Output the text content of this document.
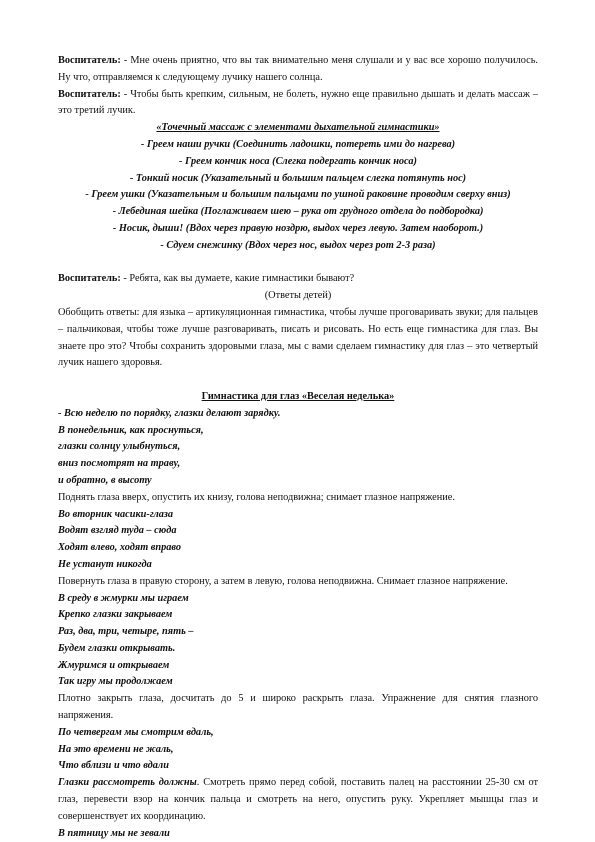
Воспитатель: - Мне очень приятно, что вы так внимательно меня слушали и у вас все хорошо получилось. Ну что, отправляемся к следующему лучику нашего солнца.

Воспитатель: - Чтобы быть крепким, сильным, не болеть, нужно еще правильно дышать и делать массаж – это третий лучик.

«Точечный массаж с элементами дыхательной гимнастики»

- Греем наши ручки (Соединить ладошки, потереть ими до нагрева)

- Греем кончик носа (Слегка подергать кончик носа)

- Тонкий носик (Указательный и большим пальцем слегка потянуть нос)

- Греем ушки (Указательным и большим пальцами по ушной раковине проводим сверху вниз)

- Лебединая шейка (Поглаживаем шею – рука от грудного отдела до подбородка)

- Носик, дыши! (Вдох через правую ноздрю, выдох через левую. Затем наоборот.)

- Сдуем снежинку (Вдох через нос, выдох через рот 2-3 раза)

Воспитатель: - Ребята, как вы думаете, какие гимнастики бывают?

(Ответы детей)

Обобщить ответы: для языка – артикуляционная гимнастика, чтобы лучше проговаривать звуки; для пальцев – пальчиковая, чтобы тоже лучше разговаривать, писать и рисовать. Но есть еще гимнастика для глаз. Вы знаете про это? Чтобы сохранить здоровыми глаза, мы с вами сделаем гимнастику для глаз – это четвертый лучик нашего здоровья.

Гимнастика для глаз «Веселая неделька»

- Всю неделю по порядку, глазки делают зарядку.

В понедельник, как проснуться,

глазки солнцу улыбнуться,

вниз посмотрят на траву,

и обратно, в высоту

Поднять глаза вверх, опустить их книзу, голова неподвижна; снимает глазное напряжение.

Во вторник часики-глаза

Водят взгляд туда – сюда

Ходят влево, ходят вправо

Не устанут никогда

Повернуть глаза в правую сторону, а затем в левую, голова неподвижна. Снимает глазное напряжение.

В среду в жмурки мы играем

Крепко глазки закрываем

Раз, два, три, четыре, пять –

Будем глазки открывать.

Жмуримся и открываем

Так игру мы продолжаем

Плотно закрыть глаза, досчитать до 5 и широко раскрыть глаза. Упражнение для снятия глазного напряжения.

По четвергам мы смотрим вдаль,

На это времени не жаль,

Что вблизи и что вдали

Глазки рассмотреть должны. Смотреть прямо перед собой, поставить палец на расстоянии 25-30 см от глаз, перевести взор на кончик пальца и смотреть на него, опустить руку. Укрепляет мышцы глаз и совершенствует их координацию.

В пятницу мы не зевали
